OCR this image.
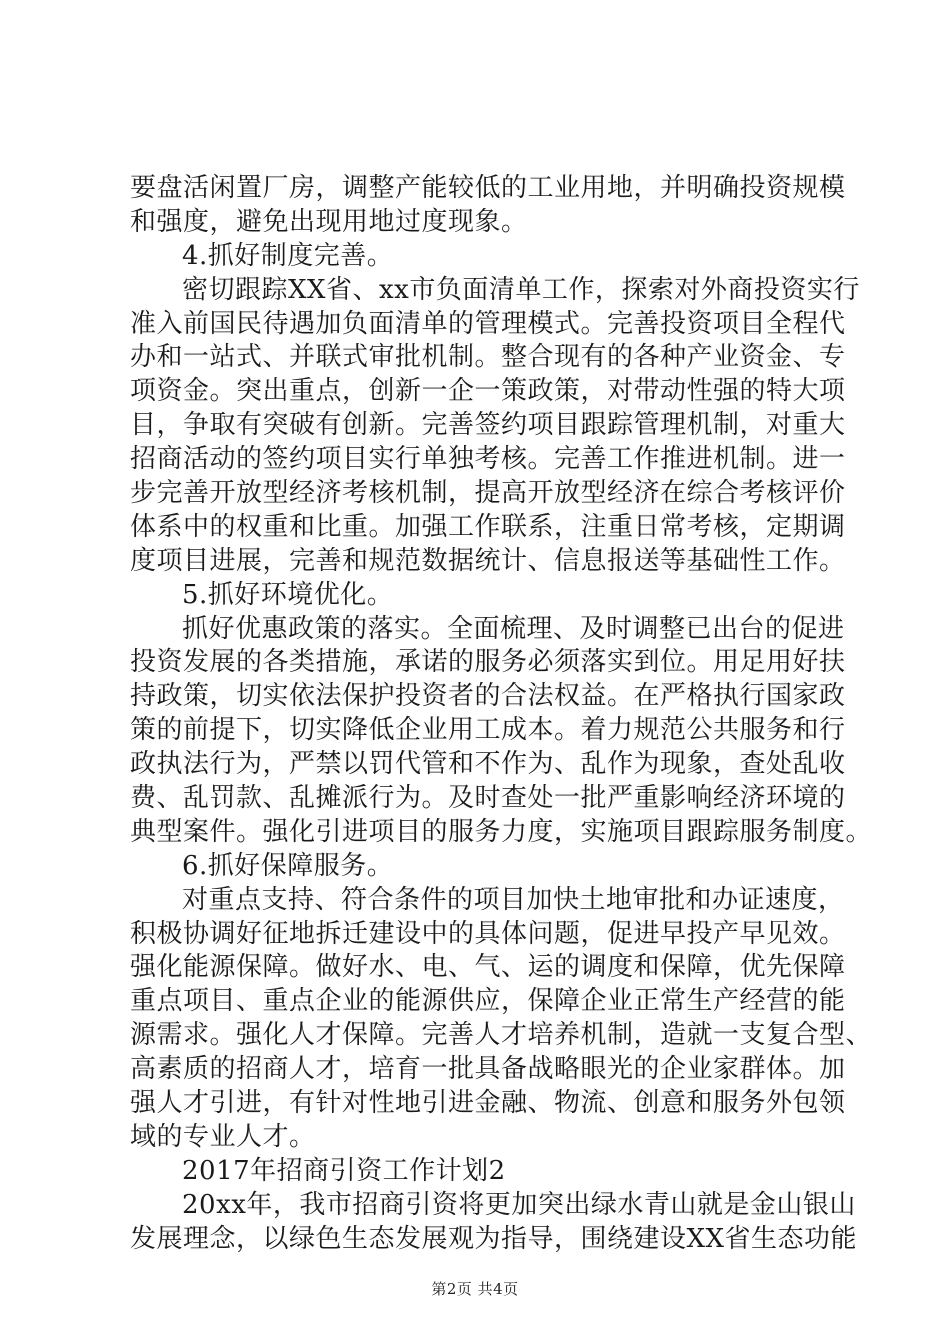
要盘活闲置厂房，调整产能较低的工业用地，并明确投资规模
和强度，避免出现用地过度现象。
4.抓好制度完善。
密切跟踪XX省、xx市负面清单工作，探索对外商投资实行
准入前国民待遇加负面清单的管理模式。完善投资项目全程代
办和一站式、并联式审批机制。整合现有的各种产业资金、专
项资金。突出重点，创新一企一策政策，对带动性强的特大项
目，争取有突破有创新。完善签约项目跟踪管理机制，对重大
招商活动的签约项目实行单独考核。完善工作推进机制。进一
步完善开放型经济考核机制，提高开放型经济在综合考核评价
体系中的权重和比重。加强工作联系，注重日常考核，定期调
度项目进展，完善和规范数据统计、信息报送等基础性工作。
5.抓好环境优化。
抓好优惠政策的落实。全面梳理、及时调整已出台的促进
投资发展的各类措施，承诺的服务必须落实到位。用足用好扶
持政策，切实依法保护投资者的合法权益。在严格执行国家政
策的前提下，切实降低企业用工成本。着力规范公共服务和行
政执法行为，严禁以罚代管和不作为、乱作为现象，查处乱收
费、乱罚款、乱摊派行为。及时查处一批严重影响经济环境的
典型案件。强化引进项目的服务力度，实施项目跟踪服务制度。
6.抓好保障服务。
对重点支持、符合条件的项目加快土地审批和办证速度，
积极协调好征地拆迁建设中的具体问题，促进早投产早见效。
强化能源保障。做好水、电、气、运的调度和保障，优先保障
重点项目、重点企业的能源供应，保障企业正常生产经营的能
源需求。强化人才保障。完善人才培养机制，造就一支复合型、
高素质的招商人才，培育一批具备战略眼光的企业家群体。加
强人才引进，有针对性地引进金融、物流、创意和服务外包领
域的专业人才。
2017年招商引资工作计划2
20xx年，我市招商引资将更加突出绿水青山就是金山银山
发展理念，以绿色生态发展观为指导，围绕建设XX省生态功能
第2页 共4页
